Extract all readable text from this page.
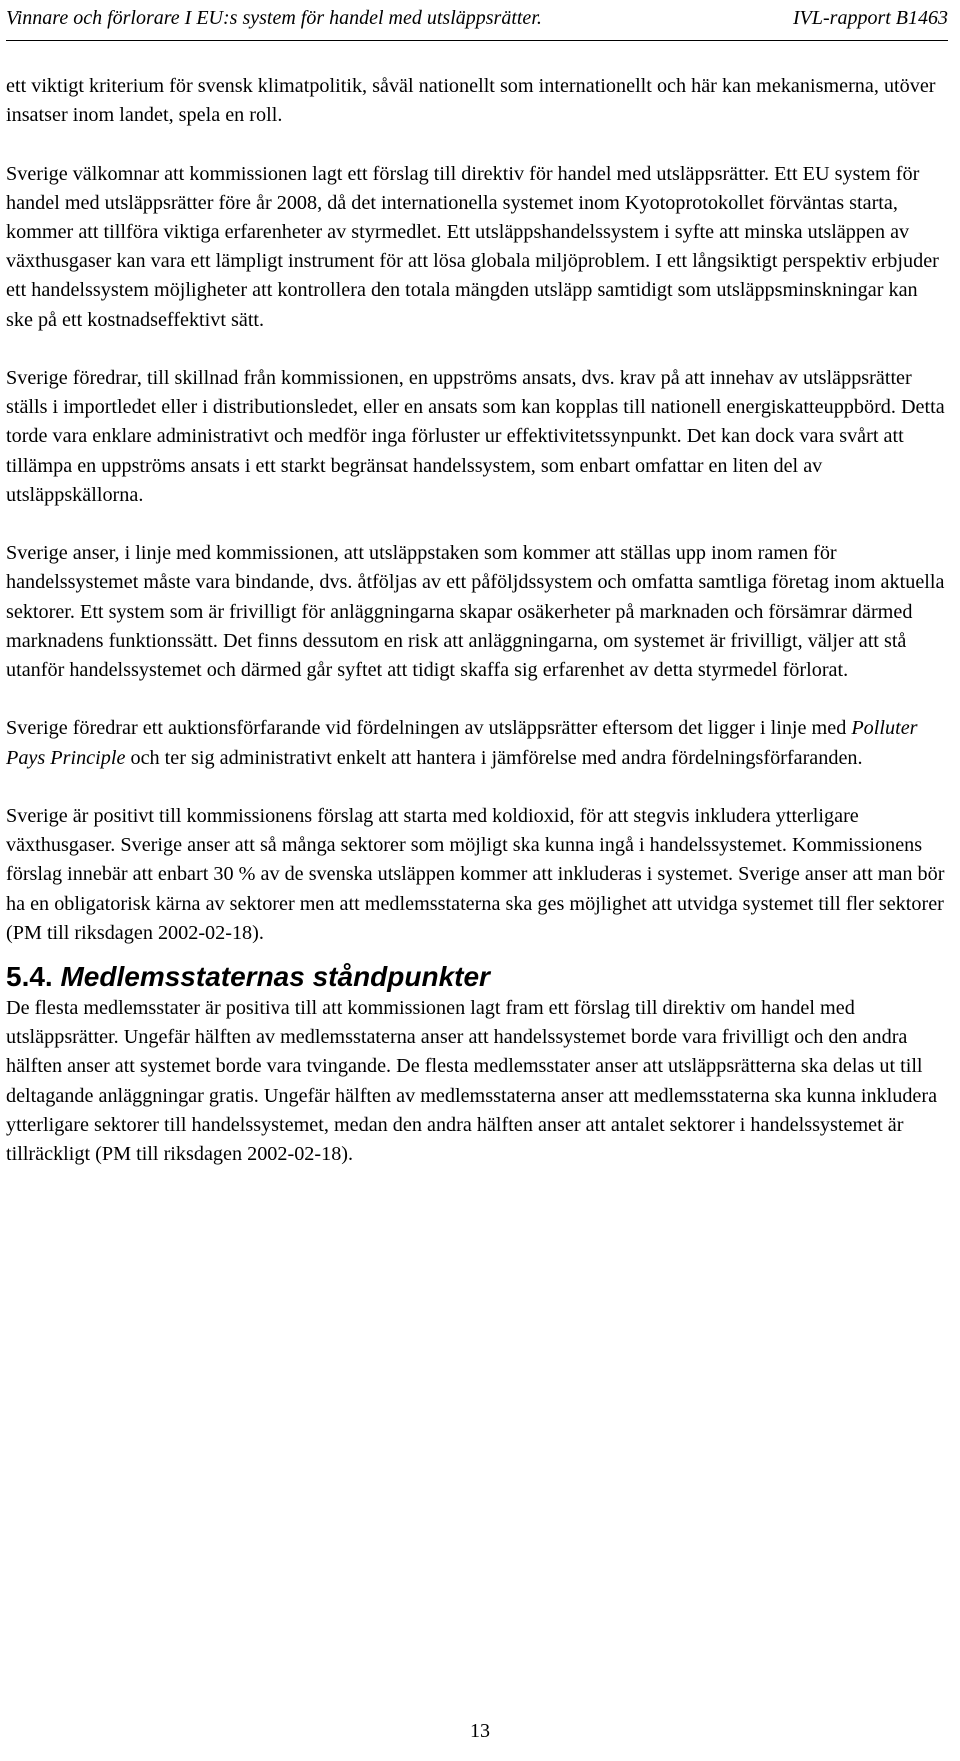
Vinnare och förlorare I EU:s system för handel med utsläppsrätter.	IVL-rapport B1463

ett viktigt kriterium för svensk klimatpolitik, såväl nationellt som internationellt och här kan mekanismerna, utöver insatser inom landet, spela en roll.

Sverige välkomnar att kommissionen lagt ett förslag till direktiv för handel med utsläppsrätter. Ett EU system för handel med utsläppsrätter före år 2008, då det internationella systemet inom Kyotoprotokollet förväntas starta, kommer att tillföra viktiga erfarenheter av styrmedlet. Ett utsläppshandelssystem i syfte att minska utsläppen av växthusgaser kan vara ett lämpligt instrument för att lösa globala miljöproblem. I ett långsiktigt perspektiv erbjuder ett handelssystem möjligheter att kontrollera den totala mängden utsläpp samtidigt som utsläppsminskningar kan ske på ett kostnadseffektivt sätt.

Sverige föredrar, till skillnad från kommissionen, en uppströms ansats, dvs. krav på att innehav av utsläppsrätter ställs i importledet eller i distributionsledet, eller en ansats som kan kopplas till nationell energiskatteuppbörd. Detta torde vara enklare administrativt och medför inga förluster ur effektivitetssynpunkt. Det kan dock vara svårt att tillämpa en uppströms ansats i ett starkt begränsat handelssystem, som enbart omfattar en liten del av utsläppskällorna.

Sverige anser, i linje med kommissionen, att utsläppstaken som kommer att ställas upp inom ramen för handelssystemet måste vara bindande, dvs. åtföljas av ett påföljdssystem och omfatta samtliga företag inom aktuella sektorer. Ett system som är frivilligt för anläggningarna skapar osäkerheter på marknaden och försämrar därmed marknadens funktionssätt. Det finns dessutom en risk att anläggningarna, om systemet är frivilligt, väljer att stå utanför handelssystemet och därmed går syftet att tidigt skaffa sig erfarenhet av detta styrmedel förlorat.

Sverige föredrar ett auktionsförfarande vid fördelningen av utsläppsrätter eftersom det ligger i linje med Polluter Pays Principle och ter sig administrativt enkelt att hantera i jämförelse med andra fördelningsförfaranden.

Sverige är positivt till kommissionens förslag att starta med koldioxid, för att stegvis inkludera ytterligare växthusgaser. Sverige anser att så många sektorer som möjligt ska kunna ingå i handelssystemet. Kommissionens förslag innebär att enbart 30 % av de svenska utsläppen kommer att inkluderas i systemet. Sverige anser att man bör ha en obligatorisk kärna av sektorer men att medlemsstaterna ska ges möjlighet att utvidga systemet till fler sektorer (PM till riksdagen 2002-02-18).

5.4. Medlemsstaternas ståndpunkter

De flesta medlemsstater är positiva till att kommissionen lagt fram ett förslag till direktiv om handel med utsläppsrätter. Ungefär hälften av medlemsstaterna anser att handelssystemet borde vara frivilligt och den andra hälften anser att systemet borde vara tvingande. De flesta medlemsstater anser att utsläppsrätterna ska delas ut till deltagande anläggningar gratis. Ungefär hälften av medlemsstaterna anser att medlemsstaterna ska kunna inkludera ytterligare sektorer till handelssystemet, medan den andra hälften anser att antalet sektorer i handelssystemet är tillräckligt (PM till riksdagen 2002-02-18).

13
